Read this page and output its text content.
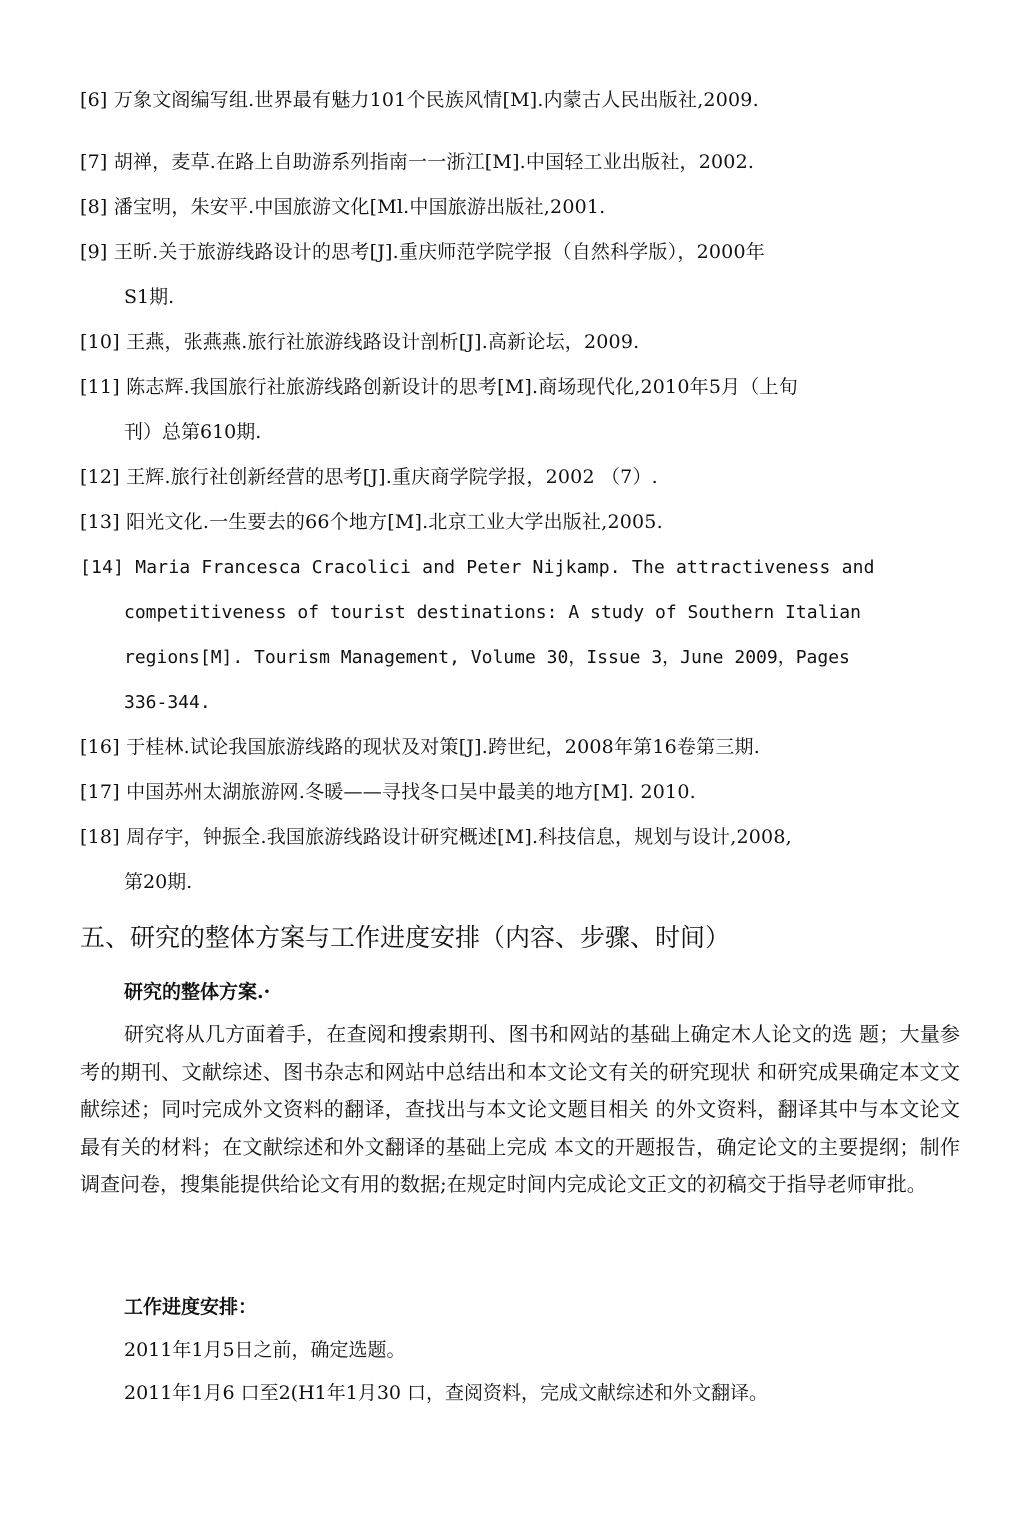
[6] 万象文阁编写组.世界最有魅力101个民族风情[M].内蒙古人民出版社,2009.
[7] 胡禅，麦草.在路上自助游系列指南一一浙江[M].中国轻工业出版社，2002.
[8] 潘宝明，朱安平.中国旅游文化[Ml.中国旅游出版社,2001.
[9] 王昕.关于旅游线路设计的思考[J].重庆师范学院学报（自然科学版），2000年
S1期.
[10] 王燕，张燕燕.旅行社旅游线路设计剖析[J].高新论坛，2009.
[11] 陈志辉.我国旅行社旅游线路创新设计的思考[M].商场现代化,2010年5月（上旬
刊）总第610期.
[12] 王辉.旅行社创新经营的思考[J].重庆商学院学报，2002 （7）.
[13] 阳光文化.一生要去的66个地方[M].北京工业大学出版社,2005.
[14] Maria Francesca Cracolici and Peter Nijkamp. The attractiveness and
competitiveness of tourist destinations: A study of Southern Italian
regions[M]. Tourism Management, Volume 30，Issue 3，June 2009，Pages
336-344.
[16] 于桂林.试论我国旅游线路的现状及对策[J].跨世纪，2008年第16卷第三期.
[17] 中国苏州太湖旅游网.冬暖——寻找冬口吴中最美的地方[M]. 2010.
[18] 周存宇，钟振全.我国旅游线路设计研究概述[M].科技信息，规划与设计,2008,
第20期.
五、研究的整体方案与工作进度安排（内容、步骤、时间）
研究的整体方案.·
研究将从几方面着手，在查阅和搜索期刊、图书和网站的基础上确定木人论文的选 题；大量参考的期刊、文献综述、图书杂志和网站中总结出和本文论文有关的研究现状 和研究成果确定本文文献综述；同吋完成外文资料的翻译，查找出与本文论文题目相关 的外文资料，翻译其中与本文论文最有关的材料；在文献综述和外文翻译的基础上完成 本文的开题报告，确定论文的主要提纲；制作调查问卷，搜集能提供给论文有用的数据;在规定时间内完成论文正文的初稿交于指导老师审批。
工作进度安排：
2011年1月5日之前，确定选题。
2011年1月6 口至2(H1年1月30 口，查阅资料，完成文献综述和外文翻译。
